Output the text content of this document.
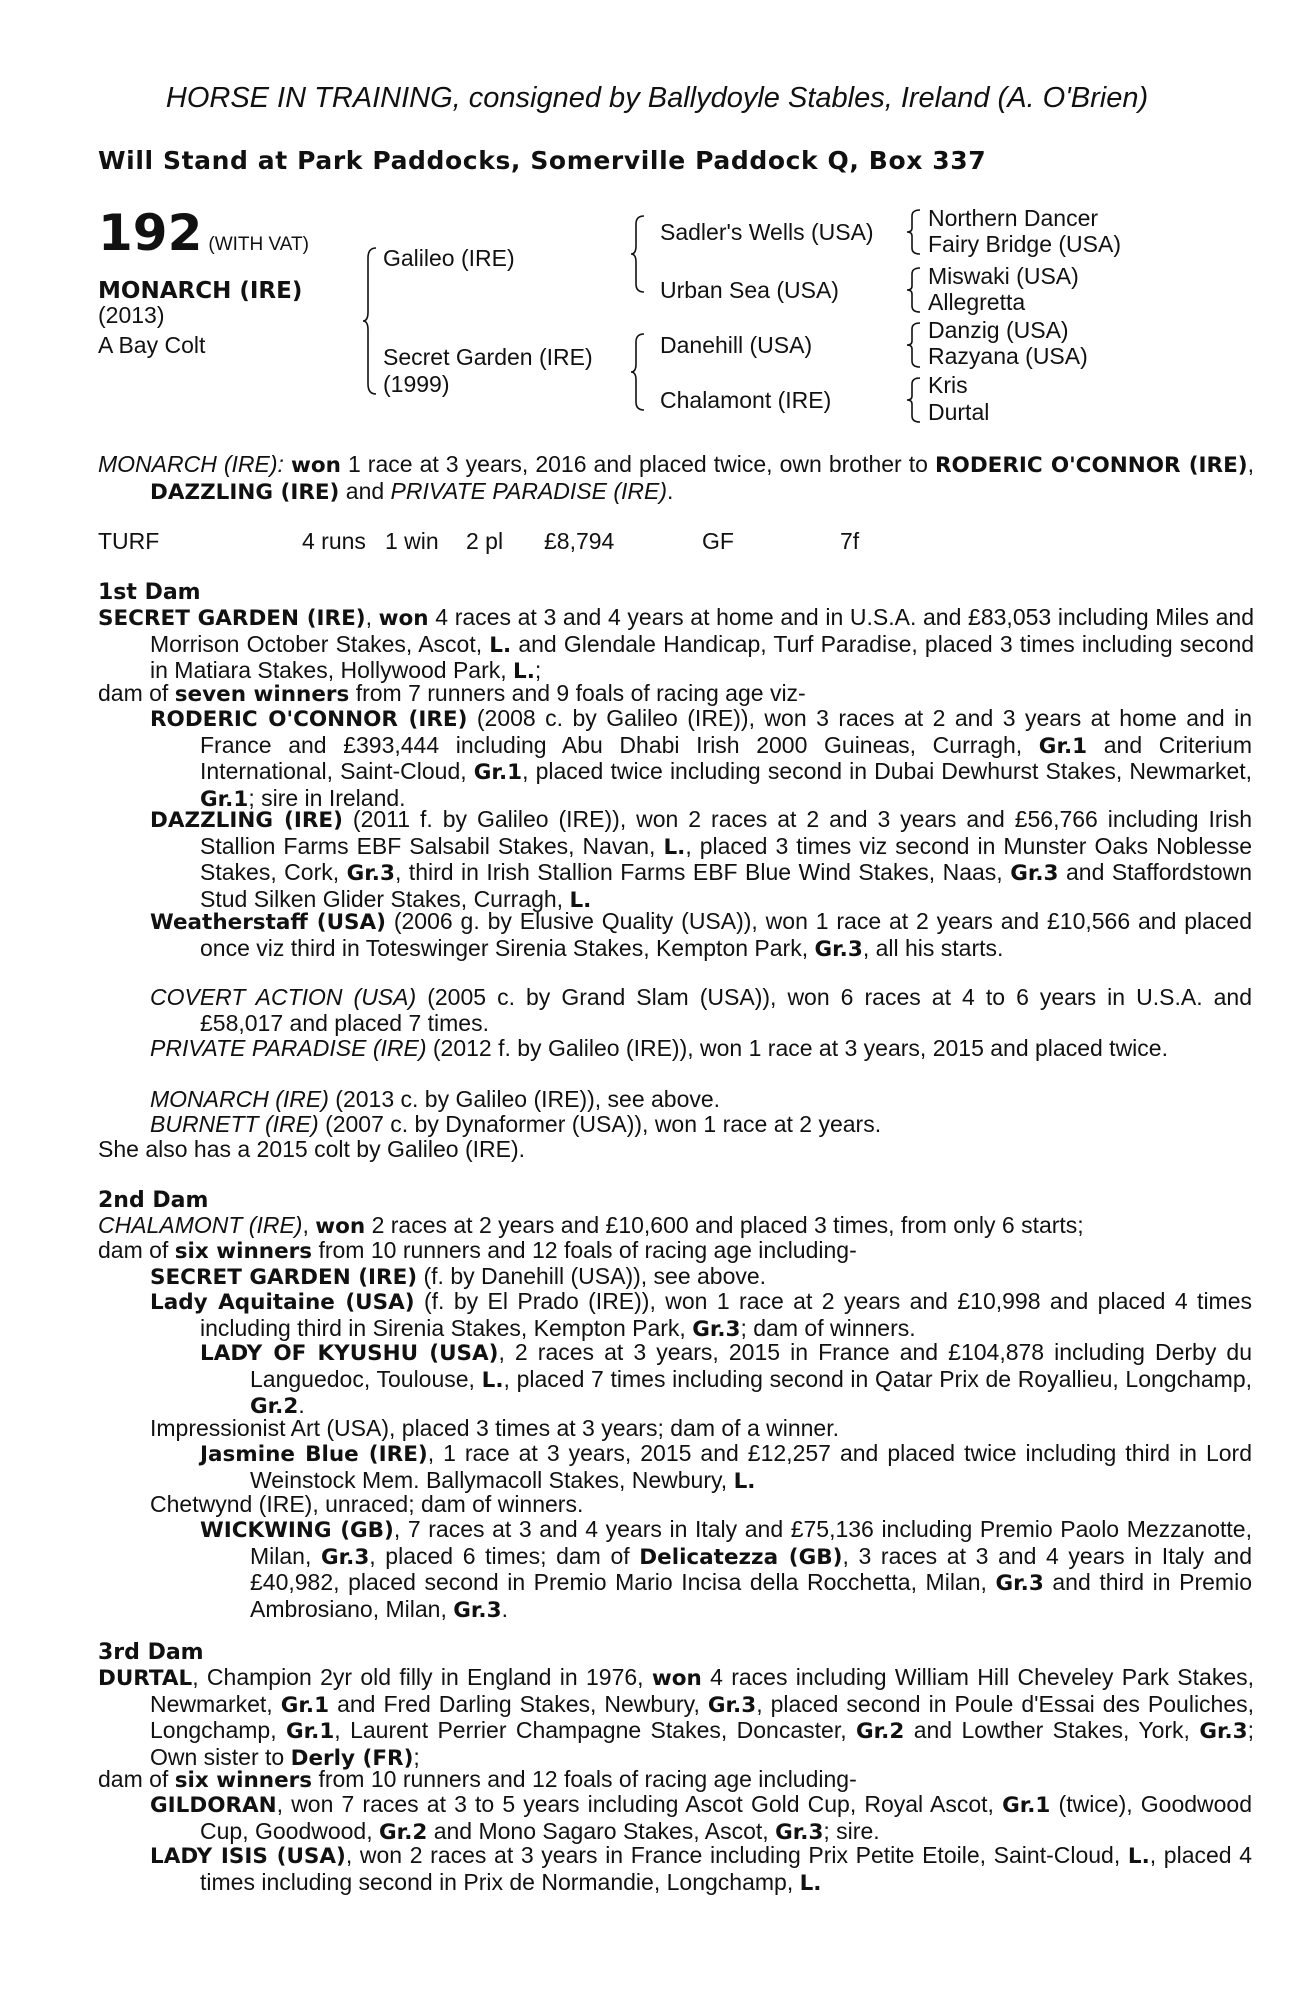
HORSE IN TRAINING, consigned by Ballydoyle Stables, Ireland (A. O'Brien)
Will Stand at Park Paddocks, Somerville Paddock Q, Box 337
192 (WITH VAT)
MONARCH (IRE)
(2013)
A Bay Colt
Galileo (IRE)
Secret Garden (IRE)
(1999)
Sadler's Wells (USA)
Urban Sea (USA)
Danehill (USA)
Chalamont (IRE)
Northern Dancer
Fairy Bridge (USA)
Miswaki (USA)
Allegretta
Danzig (USA)
Razyana (USA)
Kris
Durtal
MONARCH (IRE): won 1 race at 3 years, 2016 and placed twice, own brother to RODERIC O'CONNOR (IRE), DAZZLING (IRE) and PRIVATE PARADISE (IRE).
TURF	4 runs 1 win 2 pl £8,794	GF	7f
1st Dam
SECRET GARDEN (IRE), won 4 races at 3 and 4 years at home and in U.S.A. and £83,053 including Miles and Morrison October Stakes, Ascot, L. and Glendale Handicap, Turf Paradise, placed 3 times including second in Matiara Stakes, Hollywood Park, L.;
dam of seven winners from 7 runners and 9 foals of racing age viz-
RODERIC O'CONNOR (IRE) (2008 c. by Galileo (IRE)), won 3 races at 2 and 3 years at home and in France and £393,444 including Abu Dhabi Irish 2000 Guineas, Curragh, Gr.1 and Criterium International, Saint-Cloud, Gr.1, placed twice including second in Dubai Dewhurst Stakes, Newmarket, Gr.1; sire in Ireland.
DAZZLING (IRE) (2011 f. by Galileo (IRE)), won 2 races at 2 and 3 years and £56,766 including Irish Stallion Farms EBF Salsabil Stakes, Navan, L., placed 3 times viz second in Munster Oaks Noblesse Stakes, Cork, Gr.3, third in Irish Stallion Farms EBF Blue Wind Stakes, Naas, Gr.3 and Staffordstown Stud Silken Glider Stakes, Curragh, L.
Weatherstaff (USA) (2006 g. by Elusive Quality (USA)), won 1 race at 2 years and £10,566 and placed once viz third in Toteswinger Sirenia Stakes, Kempton Park, Gr.3, all his starts.
COVERT ACTION (USA) (2005 c. by Grand Slam (USA)), won 6 races at 4 to 6 years in U.S.A. and £58,017 and placed 7 times.
PRIVATE PARADISE (IRE) (2012 f. by Galileo (IRE)), won 1 race at 3 years, 2015 and placed twice.
MONARCH (IRE) (2013 c. by Galileo (IRE)), see above.
BURNETT (IRE) (2007 c. by Dynaformer (USA)), won 1 race at 2 years.
She also has a 2015 colt by Galileo (IRE).
2nd Dam
CHALAMONT (IRE), won 2 races at 2 years and £10,600 and placed 3 times, from only 6 starts;
dam of six winners from 10 runners and 12 foals of racing age including-
SECRET GARDEN (IRE) (f. by Danehill (USA)), see above.
Lady Aquitaine (USA) (f. by El Prado (IRE)), won 1 race at 2 years and £10,998 and placed 4 times including third in Sirenia Stakes, Kempton Park, Gr.3; dam of winners.
LADY OF KYUSHU (USA), 2 races at 3 years, 2015 in France and £104,878 including Derby du Languedoc, Toulouse, L., placed 7 times including second in Qatar Prix de Royallieu, Longchamp, Gr.2.
Impressionist Art (USA), placed 3 times at 3 years; dam of a winner.
Jasmine Blue (IRE), 1 race at 3 years, 2015 and £12,257 and placed twice including third in Lord Weinstock Mem. Ballymacoll Stakes, Newbury, L.
Chetwynd (IRE), unraced; dam of winners.
WICKWING (GB), 7 races at 3 and 4 years in Italy and £75,136 including Premio Paolo Mezzanotte, Milan, Gr.3, placed 6 times; dam of Delicatezza (GB), 3 races at 3 and 4 years in Italy and £40,982, placed second in Premio Mario Incisa della Rocchetta, Milan, Gr.3 and third in Premio Ambrosiano, Milan, Gr.3.
3rd Dam
DURTAL, Champion 2yr old filly in England in 1976, won 4 races including William Hill Cheveley Park Stakes, Newmarket, Gr.1 and Fred Darling Stakes, Newbury, Gr.3, placed second in Poule d'Essai des Pouliches, Longchamp, Gr.1, Laurent Perrier Champagne Stakes, Doncaster, Gr.2 and Lowther Stakes, York, Gr.3; Own sister to Derly (FR);
dam of six winners from 10 runners and 12 foals of racing age including-
GILDORAN, won 7 races at 3 to 5 years including Ascot Gold Cup, Royal Ascot, Gr.1 (twice), Goodwood Cup, Goodwood, Gr.2 and Mono Sagaro Stakes, Ascot, Gr.3; sire.
LADY ISIS (USA), won 2 races at 3 years in France including Prix Petite Etoile, Saint-Cloud, L., placed 4 times including second in Prix de Normandie, Longchamp, L.
